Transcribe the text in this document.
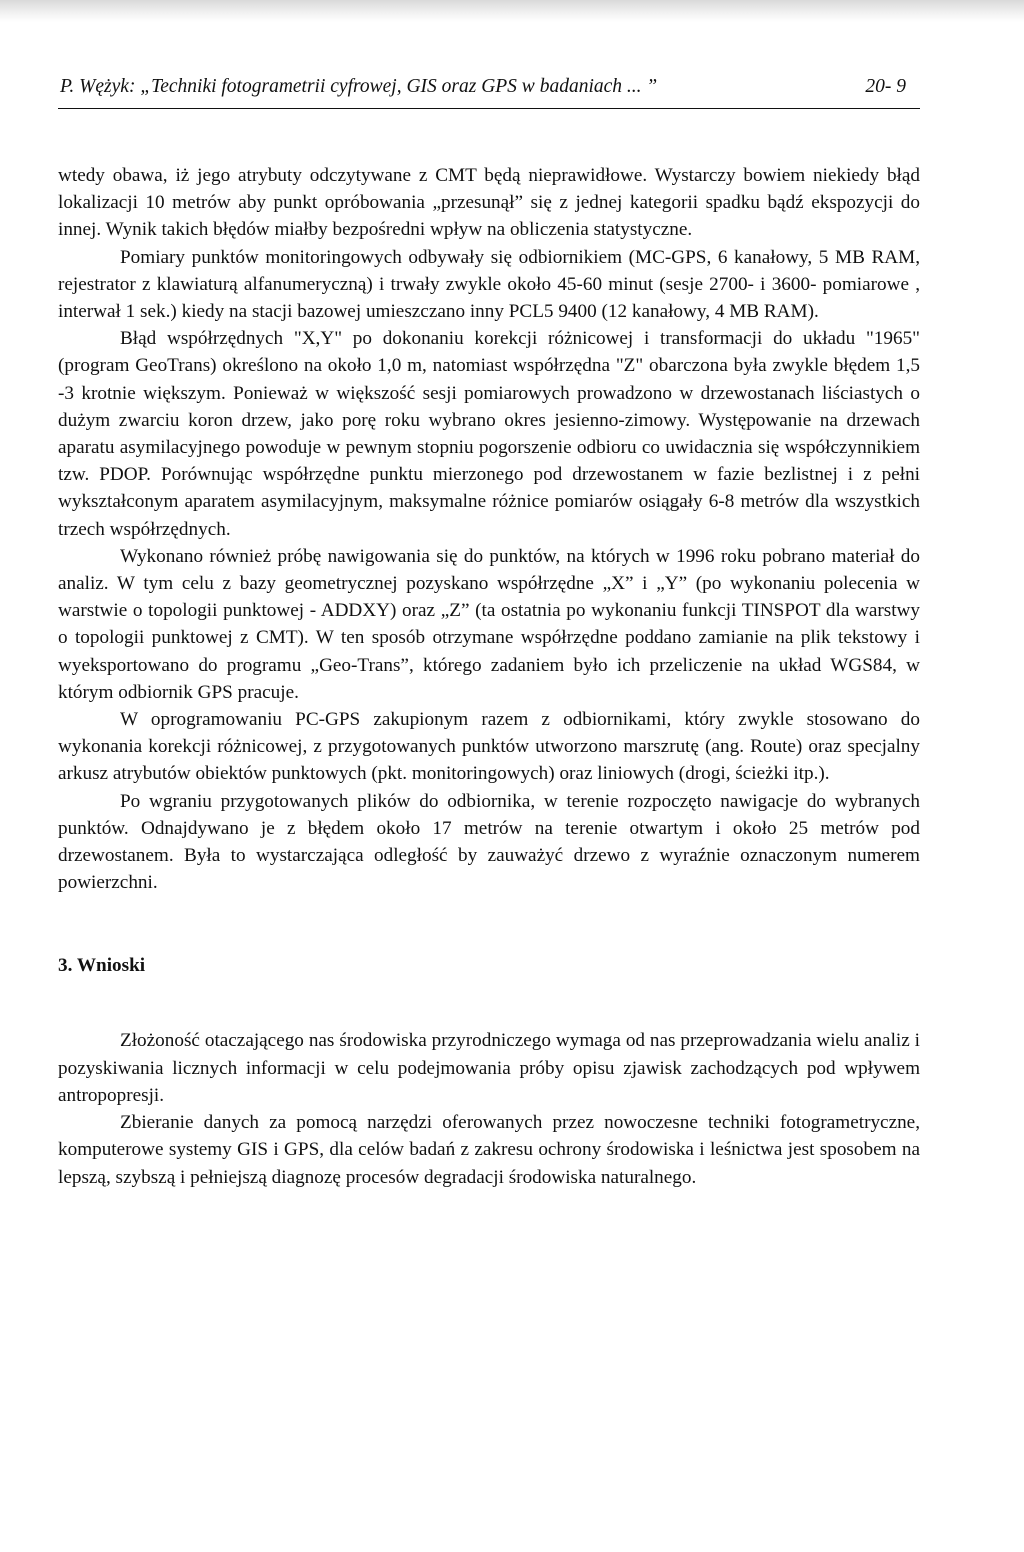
P. Wężyk: „Techniki fotogrametrii cyfrowej, GIS oraz GPS w badaniach ... ”	20- 9

wtedy obawa, iż jego atrybuty odczytywane z CMT będą nieprawidłowe. Wystarczy bowiem niekiedy błąd lokalizacji 10 metrów aby punkt opróbowania „przesunął” się z jednej kategorii spadku bądź ekspozycji do innej. Wynik takich błędów miałby bezpośredni wpływ na obliczenia statystyczne.

Pomiary punktów monitoringowych odbywały się odbiornikiem (MC-GPS, 6 kanałowy, 5 MB RAM, rejestrator z klawiaturą alfanumeryczną) i trwały zwykle około 45-60 minut (sesje 2700- i 3600- pomiarowe , interwał 1 sek.) kiedy na stacji bazowej umieszczano inny PCL5 9400 (12 kanałowy, 4 MB RAM).

Błąd współrzędnych "X,Y" po dokonaniu korekcji różnicowej i transformacji do układu "1965" (program GeoTrans) określono na około 1,0 m, natomiast współrzędna "Z" obarczona była zwykle błędem 1,5 -3 krotnie większym. Ponieważ w większość sesji pomiarowych prowadzono w drzewostanach liściastych o dużym zwarciu koron drzew, jako porę roku wybrano okres jesienno-zimowy. Występowanie na drzewach aparatu asymilacyjnego powoduje w pewnym stopniu pogorszenie odbioru co uwidacznia się współczynnikiem tzw. PDOP. Porównując współrzędne punktu mierzonego pod drzewostanem w fazie bezlistnej i z pełni wykształconym aparatem asymilacyjnym, maksymalne różnice pomiarów osiągały 6-8 metrów dla wszystkich trzech współrzędnych.

Wykonano również próbę nawigowania się do punktów, na których w 1996 roku pobrano materiał do analiz. W tym celu z bazy geometrycznej pozyskano współrzędne „X” i „Y” (po wykonaniu polecenia w warstwie o topologii punktowej - ADDXY) oraz „Z” (ta ostatnia po wykonaniu funkcji TINSPOT dla warstwy o topologii punktowej z CMT). W ten sposób otrzymane współrzędne poddano zamianie na plik tekstowy i wyeksportowano do programu „Geo-Trans”, którego zadaniem było ich przeliczenie na układ WGS84, w którym odbiornik GPS pracuje.

W oprogramowaniu PC-GPS zakupionym razem z odbiornikami, który zwykle stosowano do wykonania korekcji różnicowej, z przygotowanych punktów utworzono marszrutę (ang. Route) oraz specjalny arkusz atrybutów obiektów punktowych (pkt. monitoringowych) oraz liniowych (drogi, ścieżki itp.).

Po wgraniu przygotowanych plików do odbiornika, w terenie rozpoczęto nawigacje do wybranych punktów. Odnajdywano je z błędem około 17 metrów na terenie otwartym i około 25 metrów pod drzewostanem. Była to wystarczająca odległość by zauważyć drzewo z wyraźnie oznaczonym numerem powierzchni.

3. Wnioski

Złożoność otaczającego nas środowiska przyrodniczego wymaga od nas przeprowadzania wielu analiz i pozyskiwania licznych informacji w celu podejmowania próby opisu zjawisk zachodzących pod wpływem antropopresji.

Zbieranie danych za pomocą narzędzi oferowanych przez nowoczesne techniki fotogrametryczne, komputerowe systemy GIS i GPS, dla celów badań z zakresu ochrony środowiska i leśnictwa jest sposobem na lepszą, szybszą i pełniejszą diagnozę procesów degradacji środowiska naturalnego.
